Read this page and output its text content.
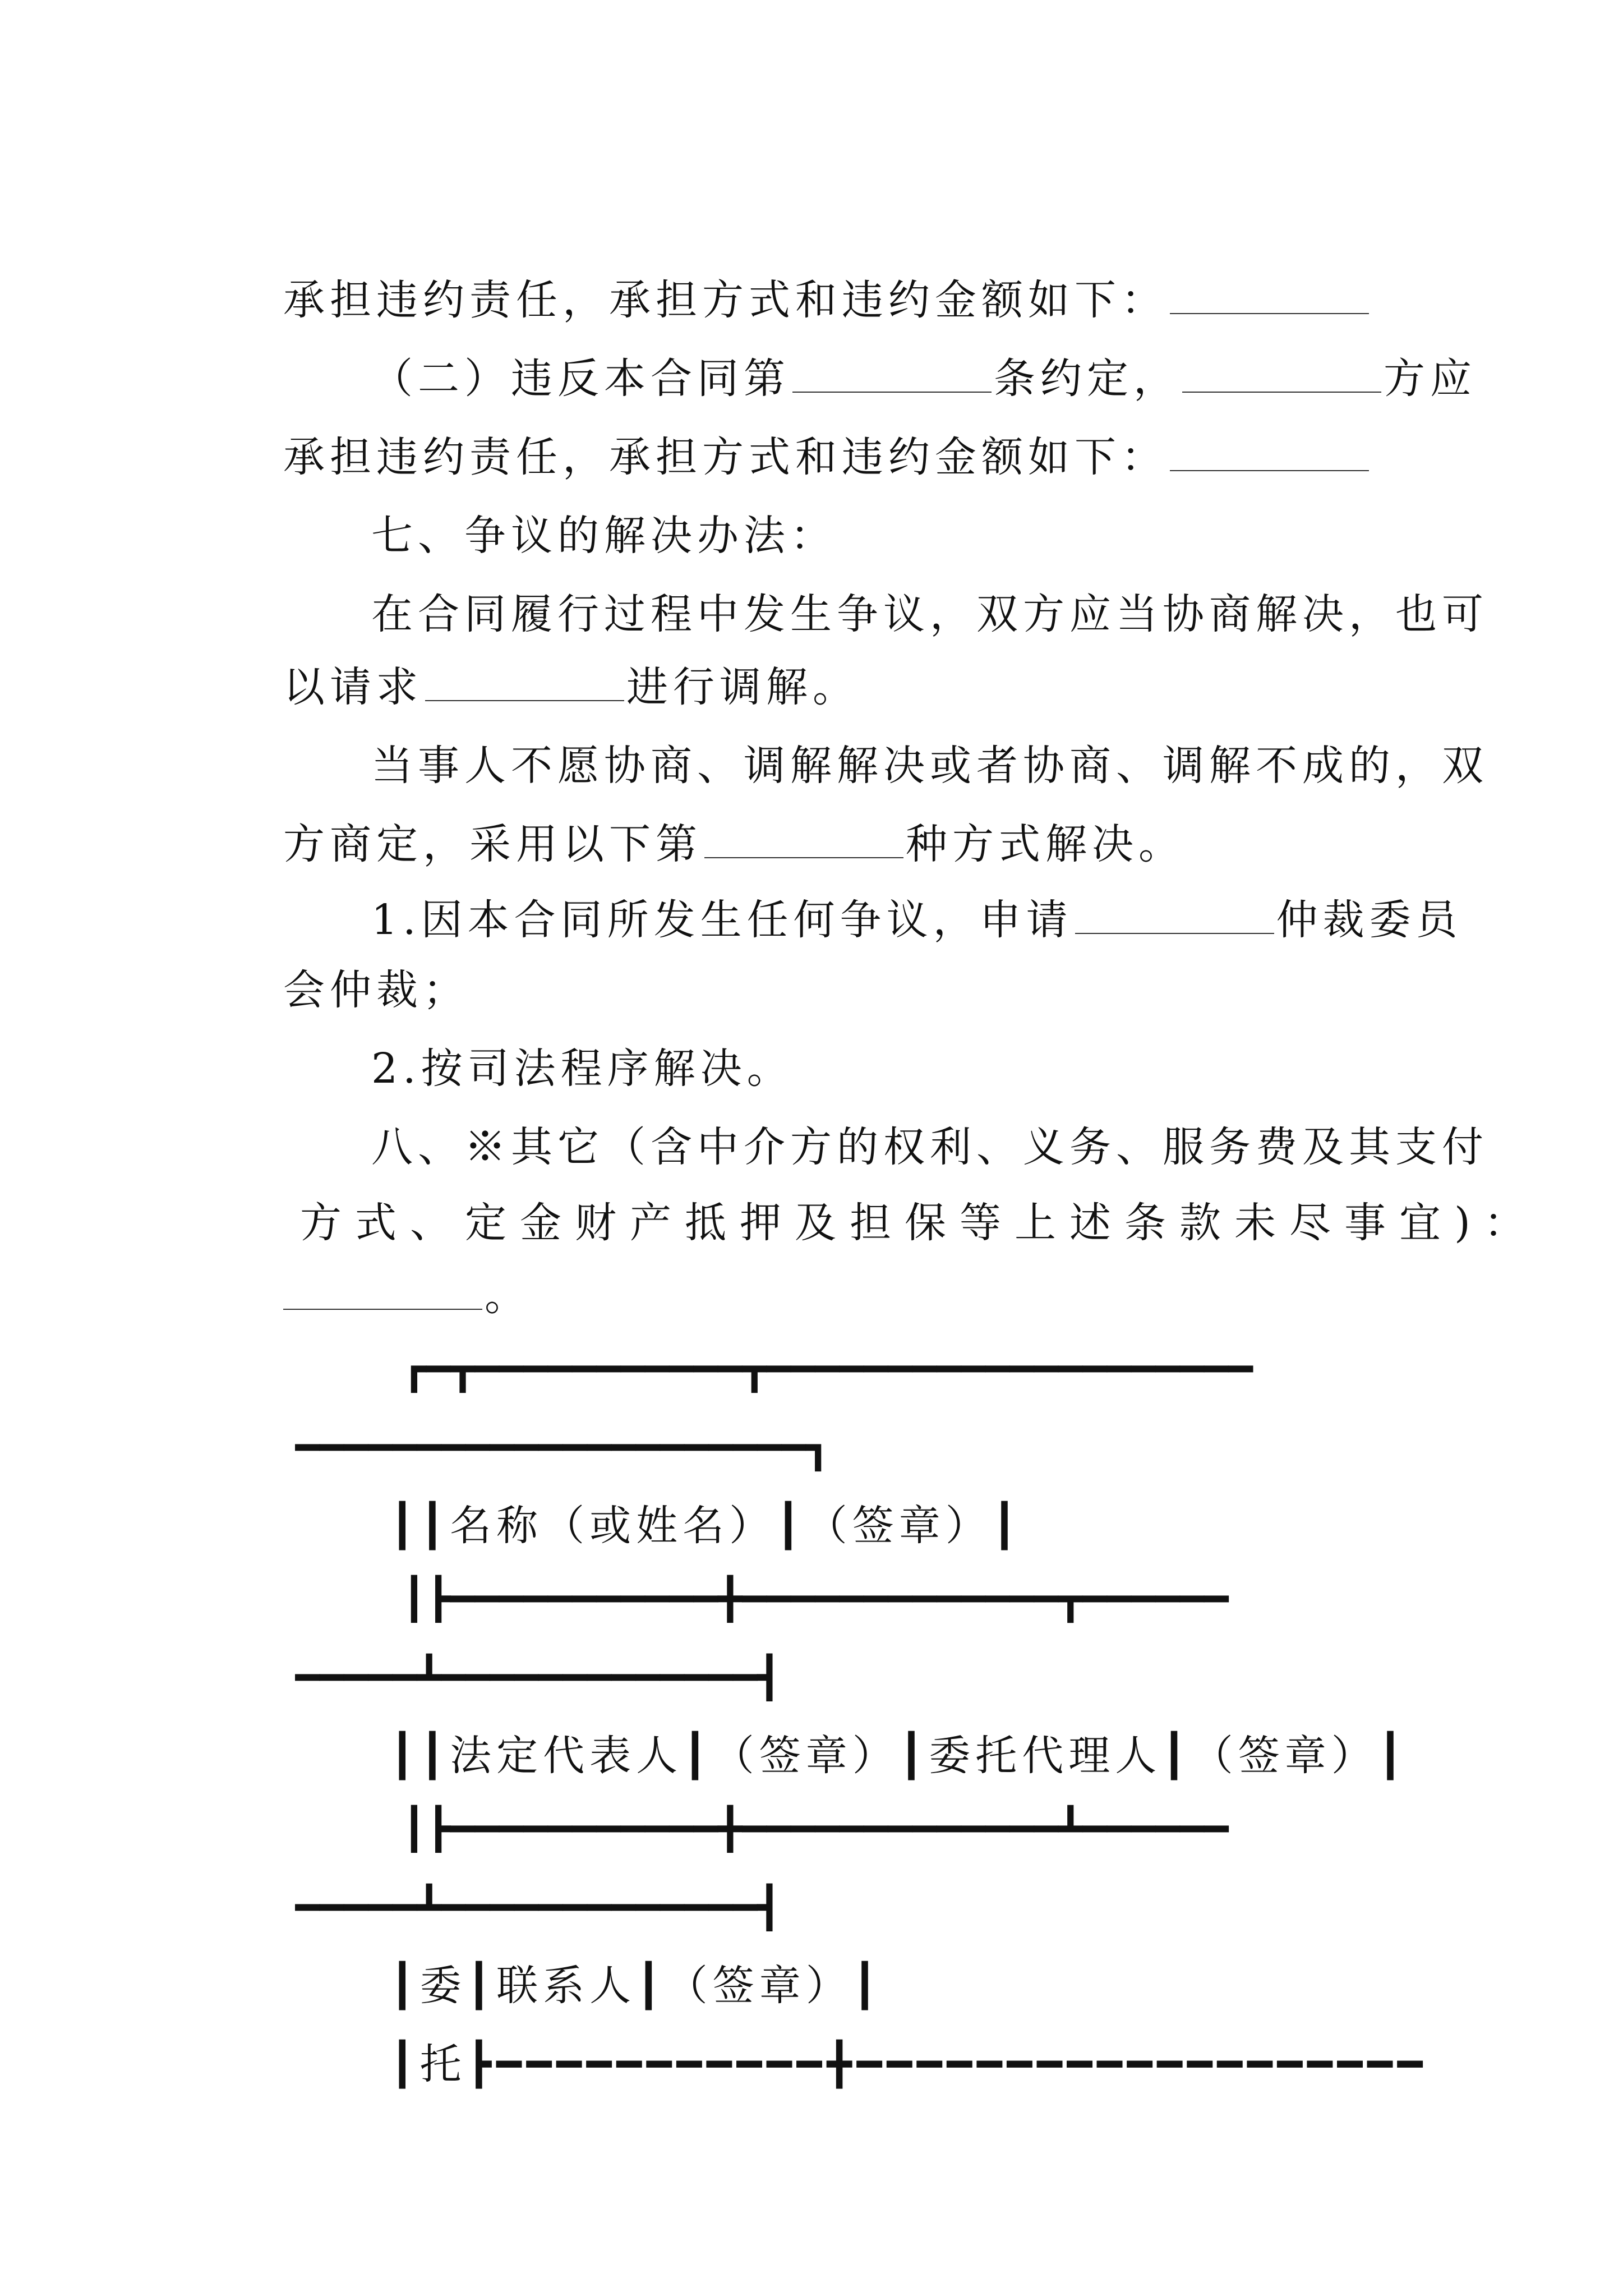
承担违约责任，承担方式和违约金额如下：

（二）违反本合同第	条约定，	方应

承担违约责任，承担方式和违约金额如下：

七、争议的解决办法：

在合同履行过程中发生争议，双方应当协商解决，也可

以请求	进行调解。

当事人不愿协商、调解解决或者协商、调解不成的，双

方商定，采用以下第	种方式解决。

1.因本合同所发生任何争议，申请	仲裁委员

会仲裁；

2.按司法程序解决。

八、※其它（含中介方的权利、义务、服务费及其支付

方式、定金财产抵押及担保等上述条款未尽事宜)：

。

┏━┳━━━━━━━━━━━┳━━━━━━━━━━━━━━━━━━━━

━━━━━━━━━━━━━━━━━━━━━┓

┃┃名称（或姓名）┃（签章）┃

┃┣━━━━━━━━━━━╋━━━━━━━━━━━━━┳━━━━━━

━━━━━┻━━━━━━━━━━━━━┫

┃┃法定代表人┃（签章）┃委托代理人┃（签章）┃

┃┣━━━━━━━━━━━╋━━━━━━━━━━━━━┻━━━━━━

━━━━━┻━━━━━━━━━━━━━┫

┃委┃联系人┃（签章）┃

┃托┣━━━━━━━━━━━╋━━━━━━━━━━━━━━━━━━━
